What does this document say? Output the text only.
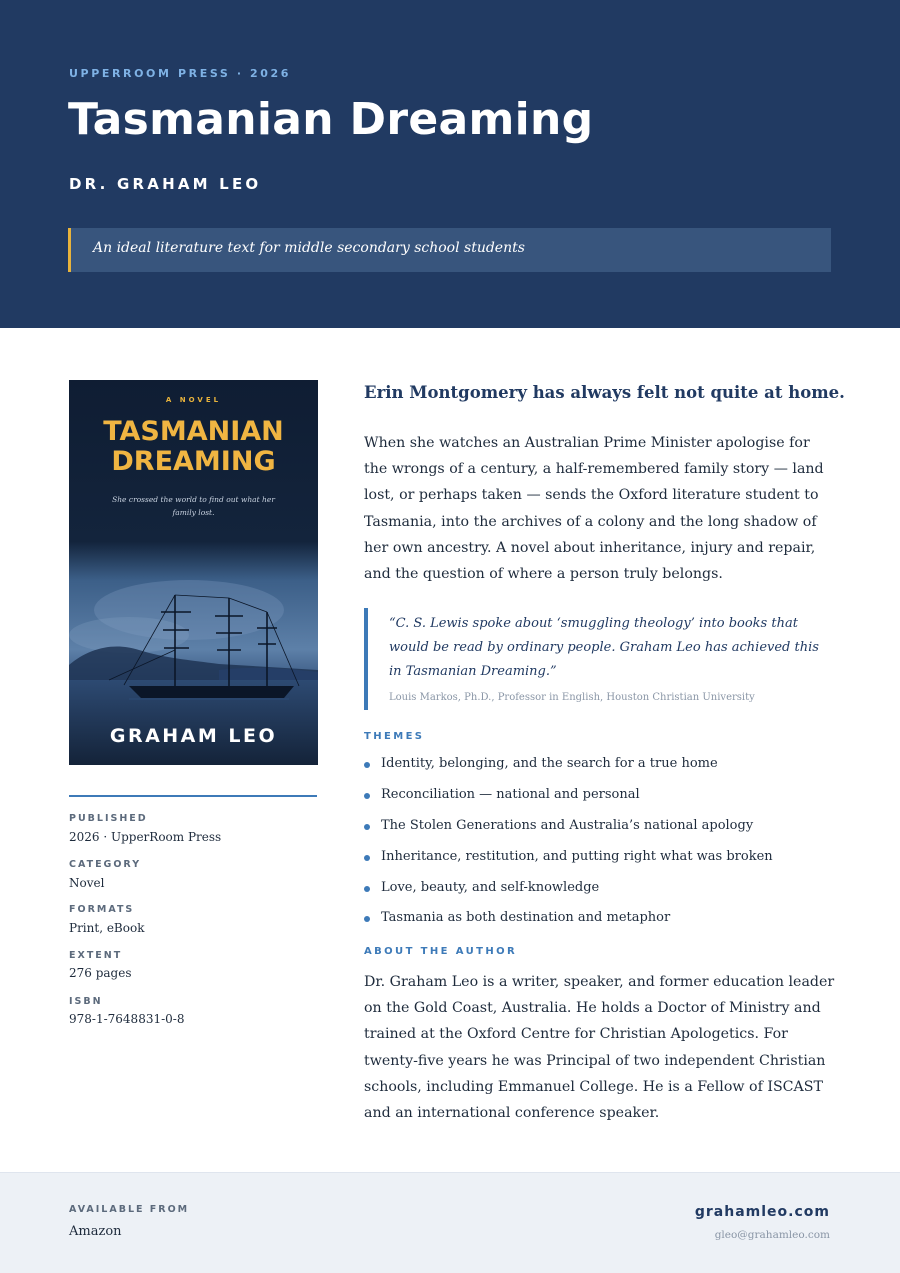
UPPERROOM PRESS · 2026
Tasmanian Dreaming
DR. GRAHAM LEO
An ideal literature text for middle secondary school students
A NOVEL
TASMANIAN
DREAMING
She crossed the world to find out what her
family lost.
GRAHAM LEO
PUBLISHED
2026 · UpperRoom Press
CATEGORY
Novel
FORMATS
Print, eBook
EXTENT
276 pages
ISBN
978-1-7648831-0-8
Erin Montgomery has always felt not quite at home.
When she watches an Australian Prime Minister apologise for the wrongs of a century, a half-remembered family story — land lost, or perhaps taken — sends the Oxford literature student to Tasmania, into the archives of a colony and the long shadow of her own ancestry. A novel about inheritance, injury and repair, and the question of where a person truly belongs.
“C. S. Lewis spoke about ‘smuggling theology’ into books that would be read by ordinary people. Graham Leo has achieved this in Tasmanian Dreaming.”
Louis Markos, Ph.D., Professor in English, Houston Christian University
THEMES
Identity, belonging, and the search for a true home
Reconciliation — national and personal
The Stolen Generations and Australia’s national apology
Inheritance, restitution, and putting right what was broken
Love, beauty, and self-knowledge
Tasmania as both destination and metaphor
ABOUT THE AUTHOR
Dr. Graham Leo is a writer, speaker, and former education leader on the Gold Coast, Australia. He holds a Doctor of Ministry and trained at the Oxford Centre for Christian Apologetics. For twenty-five years he was Principal of two independent Christian schools, including Emmanuel College. He is a Fellow of ISCAST and an international conference speaker.
AVAILABLE FROM
Amazon
grahamleo.com
gleo@grahamleo.com
